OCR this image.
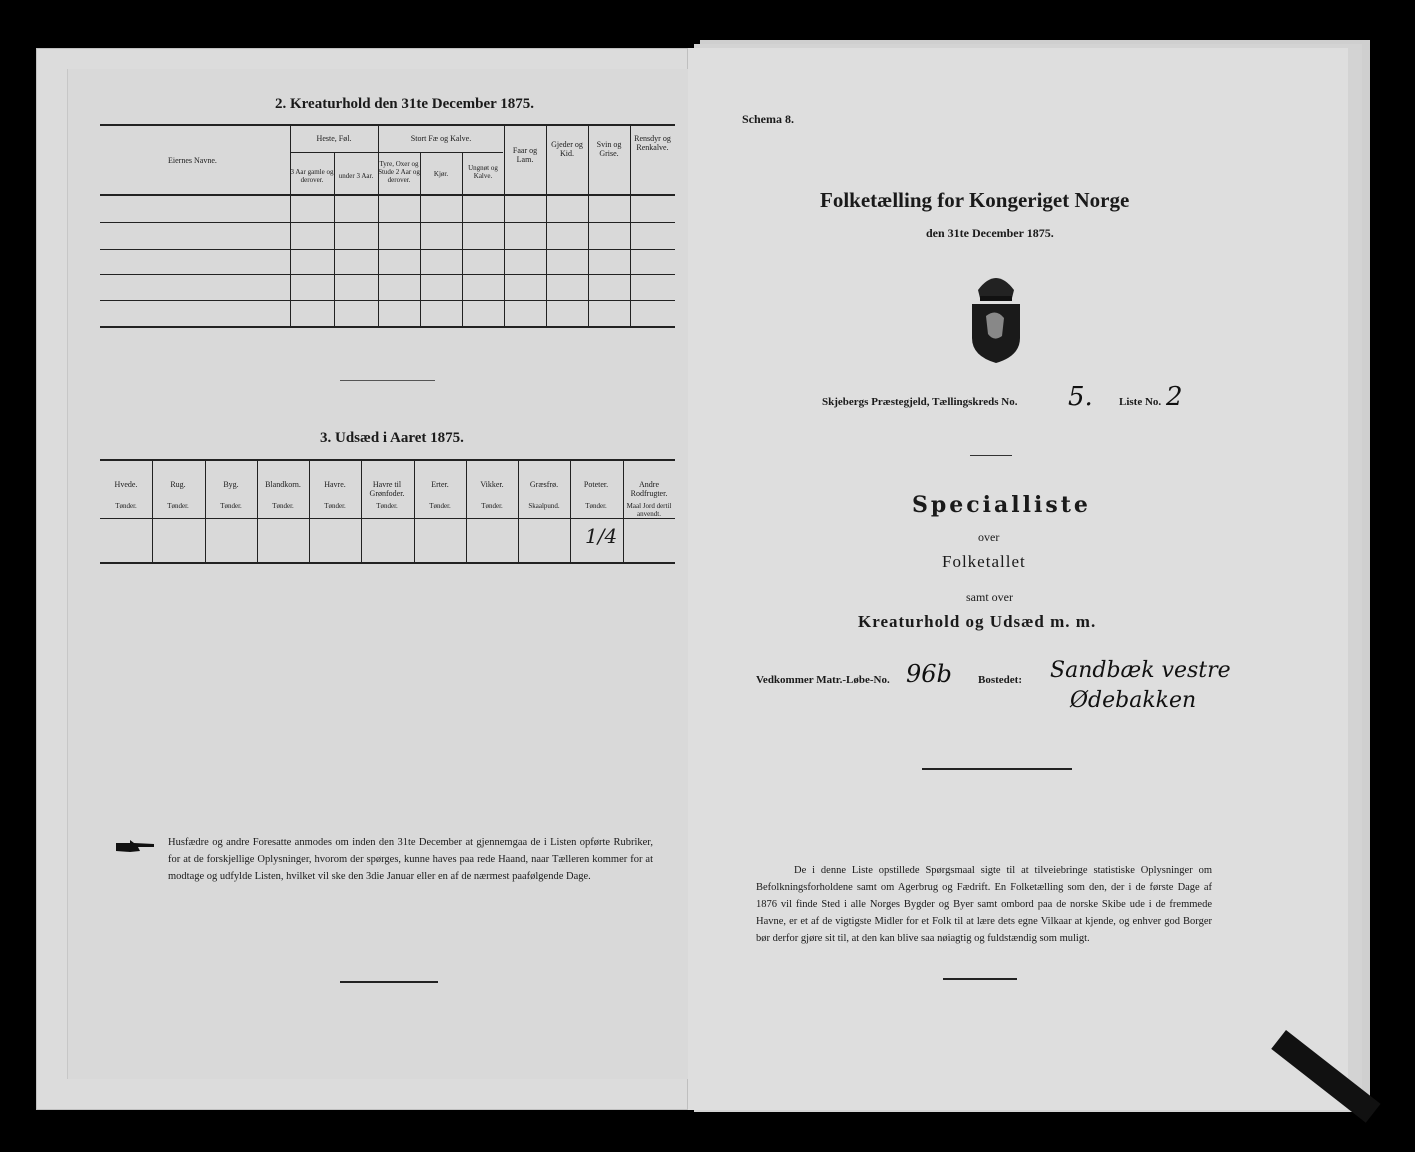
2. Kreaturhold den 31te December 1875.
Eiernes Navne.
Heste, Føl.	Stort Fæ og Kalve.
3 Aar gamle og derover.
under 3 Aar.
Tyre, Oxer og Stude 2 Aar og derover.
Kjør.
Ungnøt og Kalve.
Faar og Lam.
Gjeder og Kid.
Svin og Grise.
Rensdyr og Renkalve.
3. Udsæd i Aaret 1875.
Hvede.
Tønder.
Rug.
Tønder.
Byg.
Tønder.
Blandkorn.
Tønder.
Havre.
Tønder.
Havre til Grønfoder.
Tønder.
Erter.
Tønder.
Vikker.
Tønder.
Græsfrø.
Skaalpund.
Poteter.
Tønder.
Andre Rodfrugter.
Maal Jord dertil anvendt.
1/4
Husfædre og andre Foresatte anmodes om inden den 31te December at gjennemgaa de i Listen opførte Rubriker, for at de forskjellige Oplysninger, hvorom der spørges, kunne haves paa rede Haand, naar Tælleren kommer for at modtage og udfylde Listen, hvilket vil ske den 3die Januar eller en af de nærmest paafølgende Dage.
Schema 8.
Folketælling for Kongeriget Norge
den 31te December 1875.
Skjebergs Præstegjeld, Tællingskreds No. 5. Liste No. 2
Specialliste
over
Folketallet
samt over
Kreaturhold og Udsæd m. m.
Vedkommer Matr.-Løbe-No. 96b Bostedet: Sandbæk vestre
Ødebakken
De i denne Liste opstillede Spørgsmaal sigte til at tilveiebringe statistiske Oplysninger om Befolkningsforholdene samt om Agerbrug og Fædrift. En Folketælling som den, der i de første Dage af 1876 vil finde Sted i alle Norges Bygder og Byer samt ombord paa de norske Skibe ude i de fremmede Havne, er et af de vigtigste Midler for et Folk til at lære dets egne Vilkaar at kjende, og enhver god Borger bør derfor gjøre sit til, at den kan blive saa nøiagtig og fuldstændig som muligt.
